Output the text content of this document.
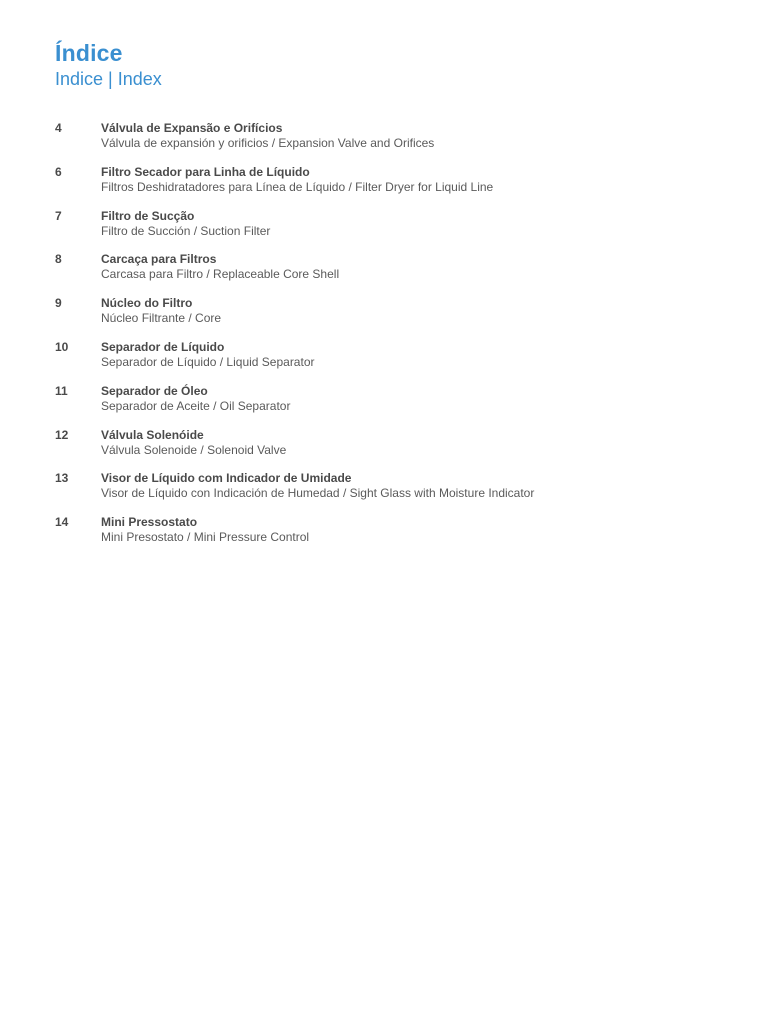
Índice
Indice | Index
4	Válvula de Expansão e Orifícios
Válvula de expansión y orificios / Expansion Valve and Orifices
6	Filtro Secador para Linha de Líquido
Filtros Deshidratadores para Línea de Líquido / Filter Dryer for Liquid Line
7	Filtro de Sucção
Filtro de Succión / Suction Filter
8	Carcaça para Filtros
Carcasa para Filtro / Replaceable Core Shell
9	Núcleo do Filtro
Núcleo Filtrante / Core
10	Separador de Líquido
Separador de Líquido / Liquid Separator
11	Separador de Óleo
Separador de Aceite / Oil Separator
12	Válvula Solenóide
Válvula Solenoide / Solenoid Valve
13	Visor de Líquido com Indicador de Umidade
Visor de Líquido con Indicación de Humedad / Sight Glass with Moisture Indicator
14	Mini Pressostato
Mini Presostato / Mini Pressure Control
